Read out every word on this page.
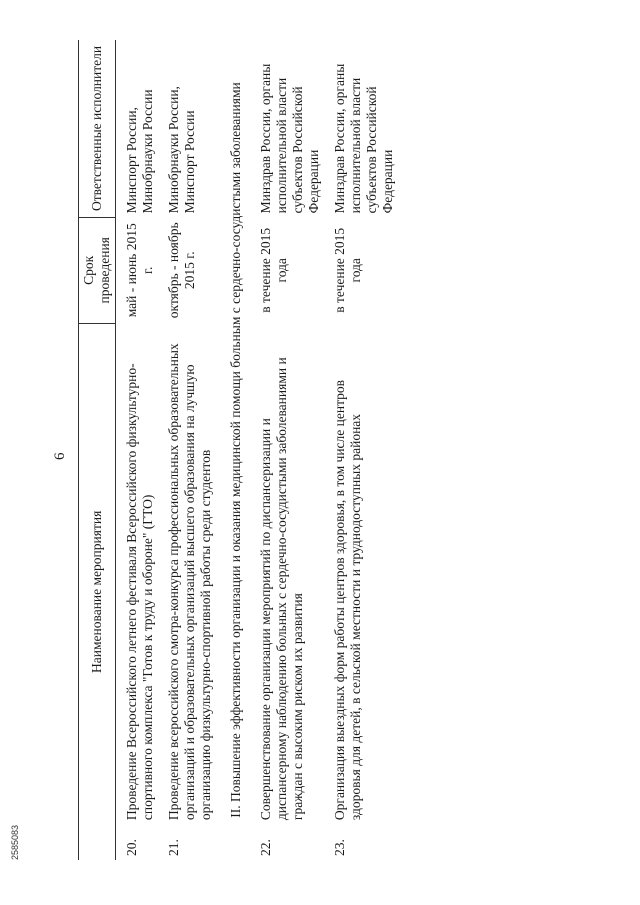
6
Наименование мероприятия		Срок проведения	Ответственные исполнители
20.	Проведение Всероссийского летнего фестиваля Всероссийского физкультурно-спортивного комплекса "Готов к труду и обороне" (ГТО)	май - июнь 2015 г.	Минспорт России, Минобрнауки России
21.	Проведение всероссийского смотра-конкурса профессиональных образовательных организаций и образовательных организаций высшего образования на лучшую организацию физкультурно-спортивной работы среди студентов	октябрь - ноябрь 2015 г.	Минобрнауки России, Минспорт России
II. Повышение эффективности организации и оказания медицинской помощи больным с сердечно-сосудистыми заболеваниями			
22.	Совершенствование организации мероприятий по диспансеризации и диспансерному наблюдению больных с сердечно-сосудистыми заболеваниями и граждан с высоким риском их развития	в течение 2015 года	Минздрав России, органы исполнительной власти субъектов Российской Федерации
23.	Организация выездных форм работы центров здоровья, в том числе центров здоровья для детей, в сельской местности и труднодоступных районах	в течение 2015 года	Минздрав России, органы исполнительной власти субъектов Российской Федерации
2585083
